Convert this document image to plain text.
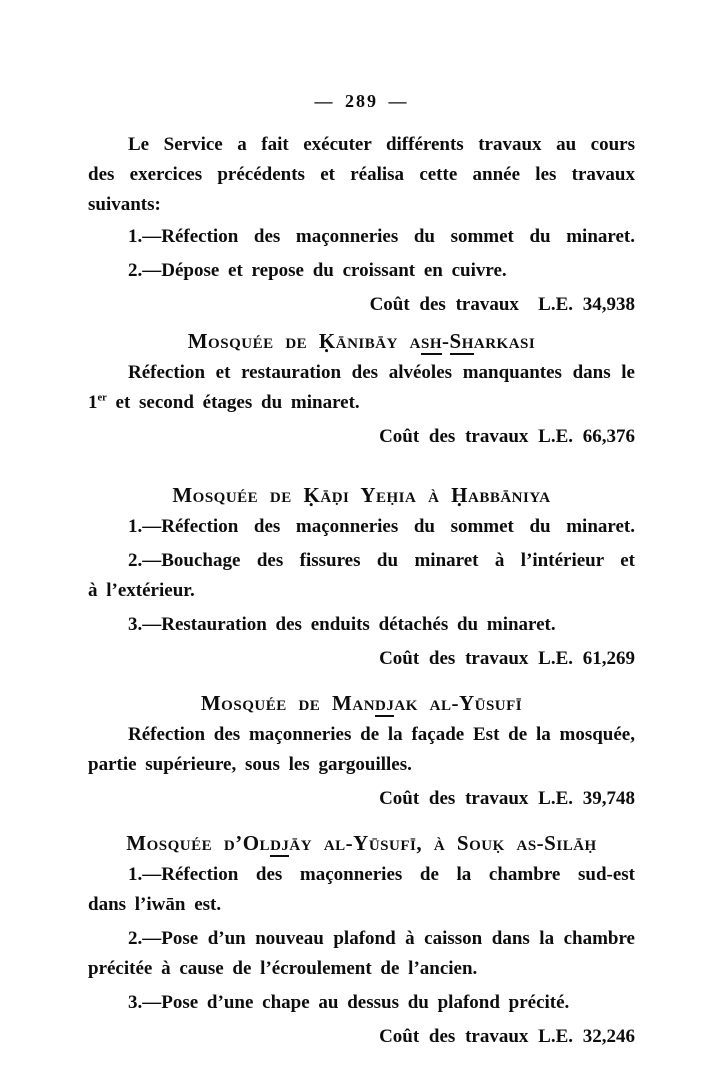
— 289 —
Le Service a fait exécuter différents travaux au cours
des exercices précédents et réalisa cette année les travaux
suivants:
1.—Réfection des maçonneries du sommet du minaret.
2.—Dépose et repose du croissant en cuivre.
Coût des travaux  L.E. 34,938
Mosquée de Ḳānibāy ash-Sharkasi
Réfection et restauration des alvéoles manquantes dans le
1er et second étages du minaret.
Coût des travaux L.E. 66,376
Mosquée de Ḳāḍi Yeḥia à Ḥabbāniya
1.—Réfection des maçonneries du sommet du minaret.
2.—Bouchage des fissures du minaret à l’intérieur et
à l’extérieur.
3.—Restauration des enduits détachés du minaret.
Coût des travaux L.E. 61,269
Mosquée de Mandjak al-Yūsufī
Réfection des maçonneries de la façade Est de la mosquée,
partie supérieure, sous les gargouilles.
Coût des travaux L.E. 39,748
Mosquée d’Oldjāy al-Yūsufī, à Souḳ as-Silāḥ
1.—Réfection des maçonneries de la chambre sud-est
dans l’iwān est.
2.—Pose d’un nouveau plafond à caisson dans la chambre
précitée à cause de l’écroulement de l’ancien.
3.—Pose d’une chape au dessus du plafond précité.
Coût des travaux L.E. 32,246
